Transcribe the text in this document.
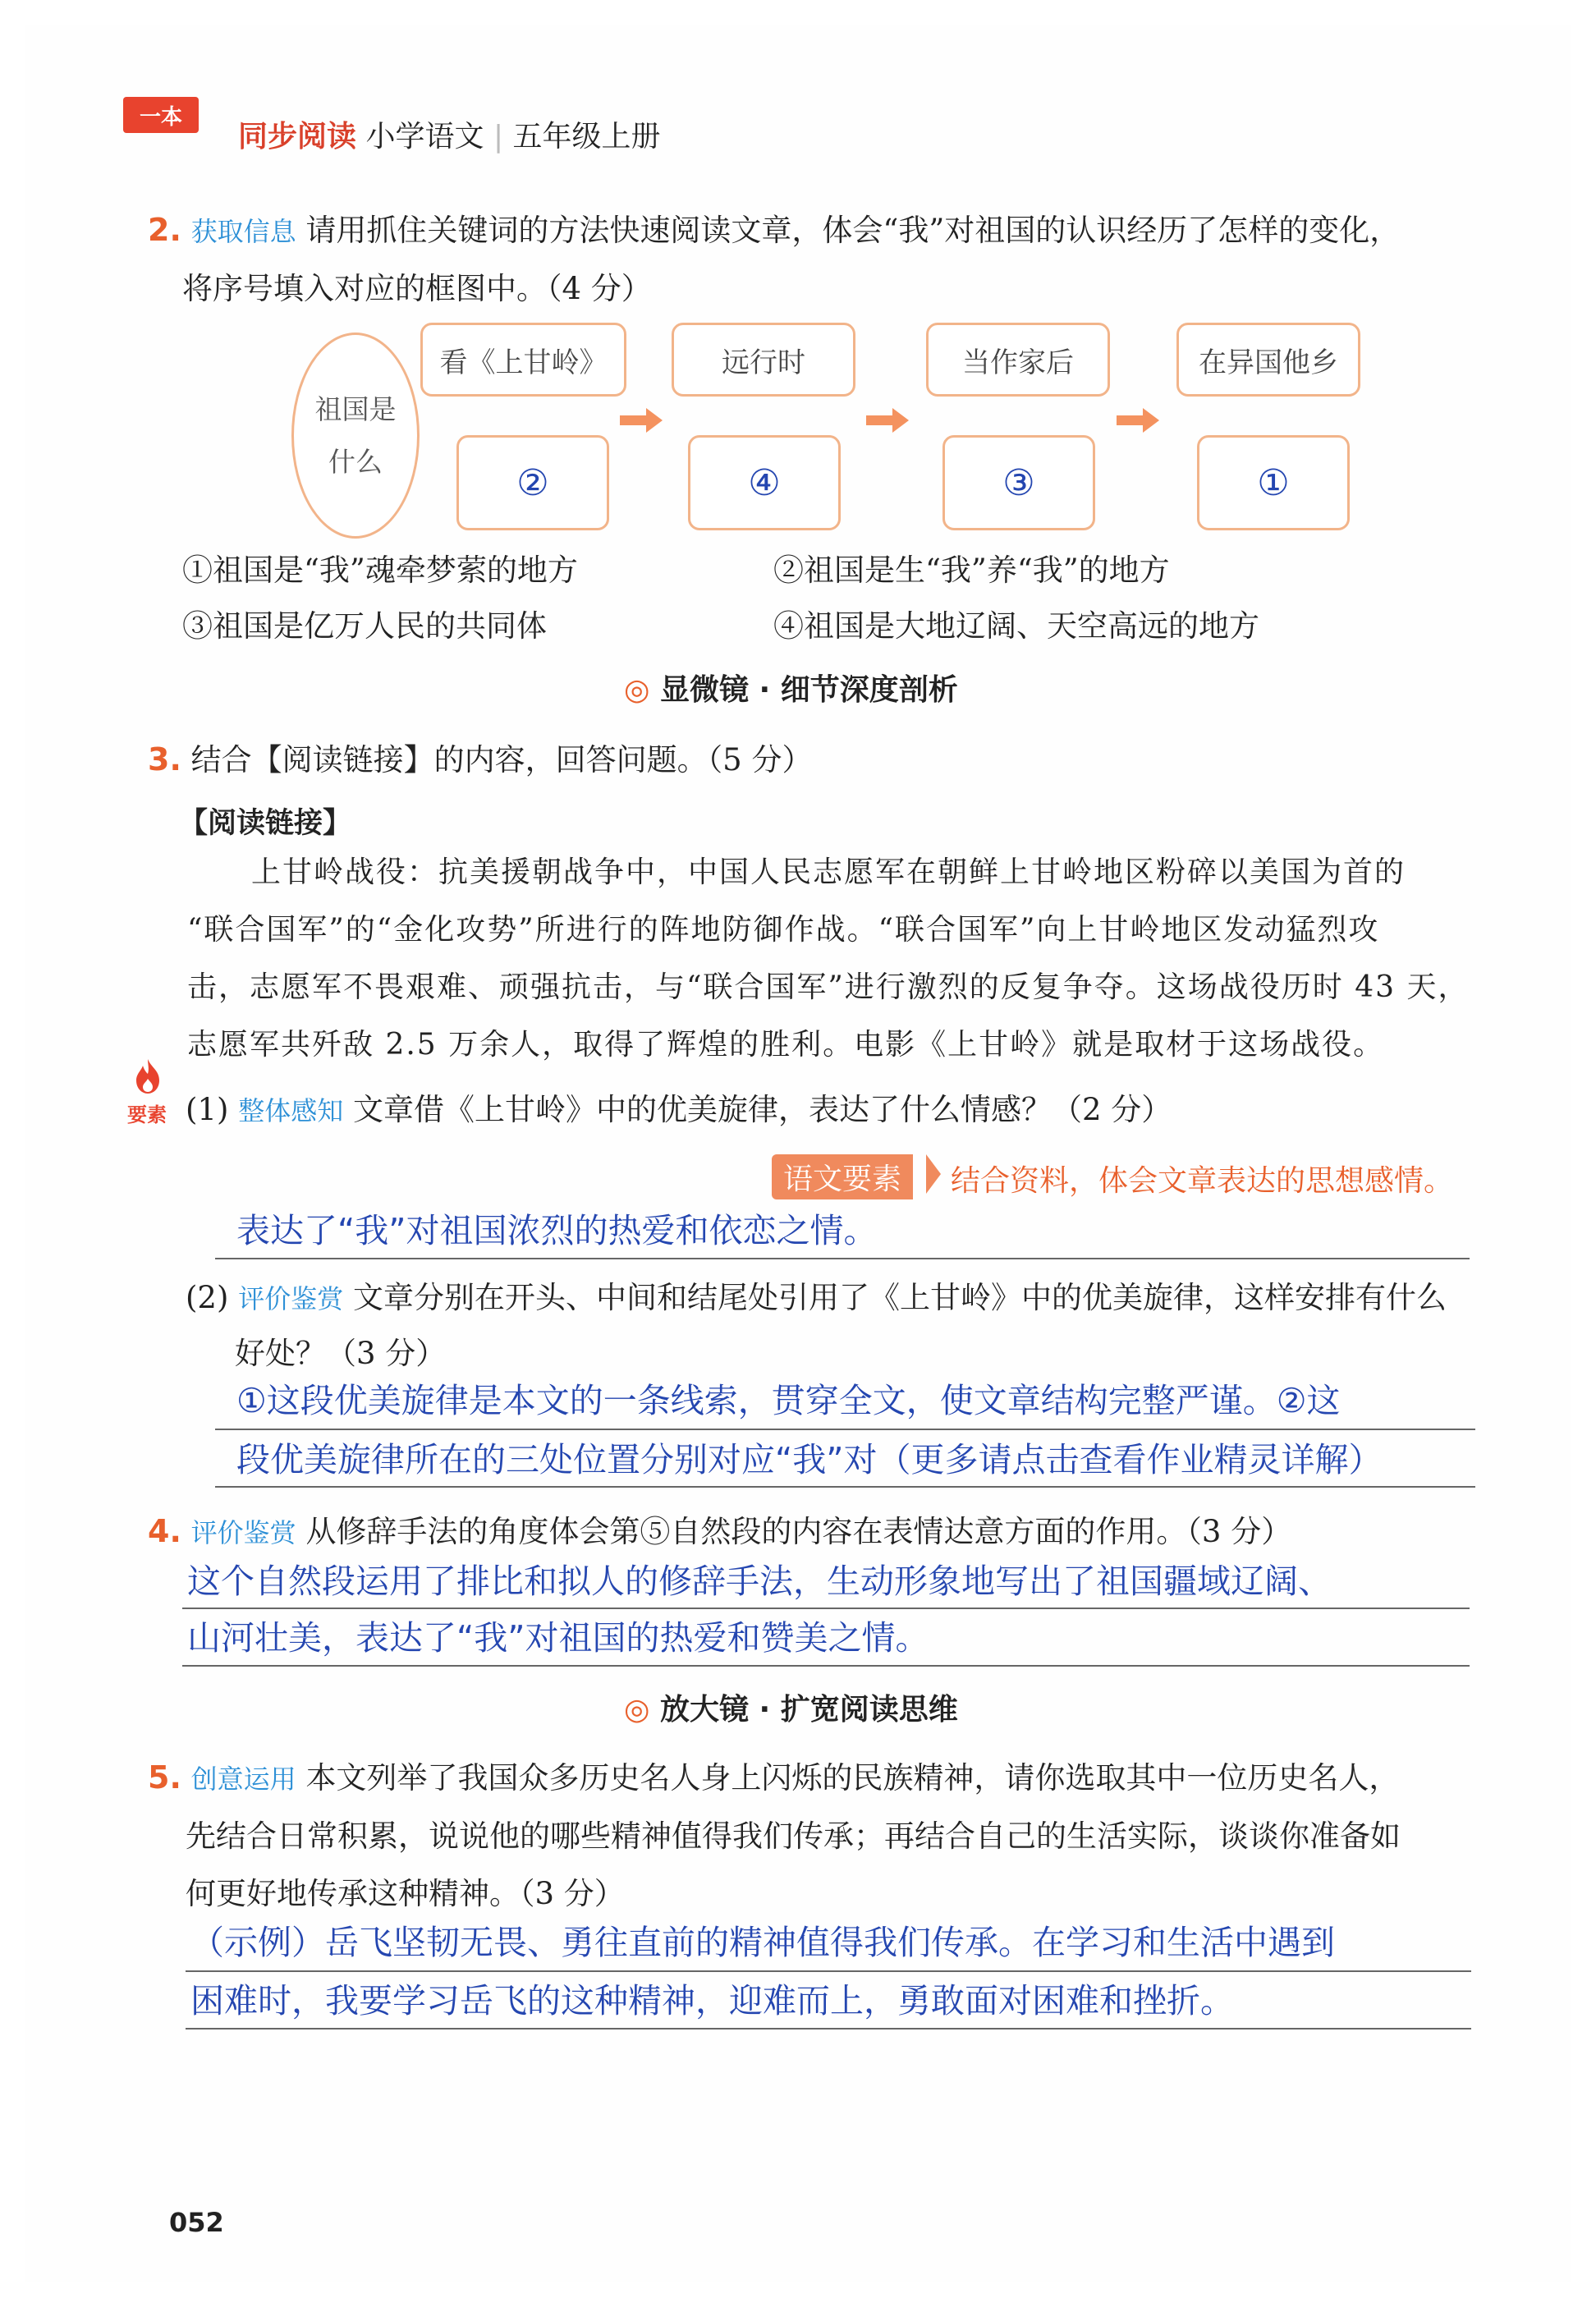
一本
同步阅读 小学语文 | 五年级上册
2. 获取信息 请用抓住关键词的方法快速阅读文章，体会“我”对祖国的认识经历了怎样的变化，
将序号填入对应的框图中。（4 分）
祖国是
什么
看《上甘岭》
②
远行时
④
当作家后
③
在异国他乡
①
①祖国是“我”魂牵梦萦的地方	②祖国是生“我”养“我”的地方
③祖国是亿万人民的共同体	④祖国是大地辽阔、天空高远的地方
◎ 显微镜 · 细节深度剖析
3. 结合【阅读链接】的内容，回答问题。（5 分）
【阅读链接】
上甘岭战役：抗美援朝战争中，中国人民志愿军在朝鲜上甘岭地区粉碎以美国为首的
“联合国军”的“金化攻势”所进行的阵地防御作战。“联合国军”向上甘岭地区发动猛烈攻
击，志愿军不畏艰难、顽强抗击，与“联合国军”进行激烈的反复争夺。这场战役历时 43 天，
志愿军共歼敌 2.5 万余人，取得了辉煌的胜利。电影《上甘岭》就是取材于这场战役。
要素 (1) 整体感知 文章借《上甘岭》中的优美旋律，表达了什么情感？（2 分）
语文要素	结合资料，体会文章表达的思想感情。
表达了“我”对祖国浓烈的热爱和依恋之情。
(2) 评价鉴赏 文章分别在开头、中间和结尾处引用了《上甘岭》中的优美旋律，这样安排有什么
好处？（3 分）
①这段优美旋律是本文的一条线索，贯穿全文，使文章结构完整严谨。②这
段优美旋律所在的三处位置分别对应“我”对（更多请点击查看作业精灵详解）
4. 评价鉴赏 从修辞手法的角度体会第⑤自然段的内容在表情达意方面的作用。（3 分）
这个自然段运用了排比和拟人的修辞手法，生动形象地写出了祖国疆域辽阔、
山河壮美，表达了“我”对祖国的热爱和赞美之情。
◎ 放大镜 · 扩宽阅读思维
5. 创意运用 本文列举了我国众多历史名人身上闪烁的民族精神，请你选取其中一位历史名人，
先结合日常积累，说说他的哪些精神值得我们传承；再结合自己的生活实际，谈谈你准备如
何更好地传承这种精神。（3 分）
（示例）岳飞坚韧无畏、勇往直前的精神值得我们传承。在学习和生活中遇到
困难时，我要学习岳飞的这种精神，迎难而上，勇敢面对困难和挫折。
052
